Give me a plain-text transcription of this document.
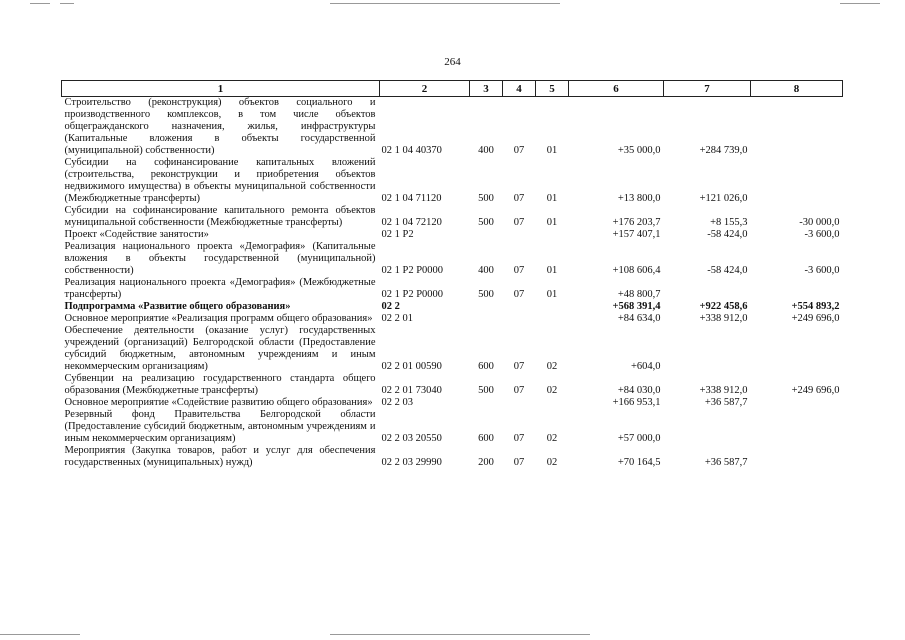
264
1	2	3	4	5	6	7	8
Строительство (реконструкция) объектов социального и производственного комплексов, в том числе объектов общегражданского назначения, жилья, инфраструктуры (Капитальные вложения в объекты государственной (муниципальной) собственности)	02 1 04 40370	400	07	01	+35 000,0	+284 739,0	
Субсидии на софинансирование капитальных вложений (строительства, реконструкции и приобретения объектов недвижимого имущества) в объекты муниципальной собственности (Межбюджетные трансферты)	02 1 04 71120	500	07	01	+13 800,0	+121 026,0	
Субсидии на софинансирование капитального ремонта объектов муниципальной собственности (Межбюджетные трансферты)	02 1 04 72120	500	07	01	+176 203,7	+8 155,3	-30 000,0
Проект «Содействие занятости»	02 1 P2				+157 407,1	-58 424,0	-3 600,0
Реализация национального проекта «Демография» (Капитальные вложения в объекты государственной (муниципальной) собственности)	02 1 P2 P0000	400	07	01	+108 606,4	-58 424,0	-3 600,0
Реализация национального проекта «Демография» (Межбюджетные трансферты)	02 1 P2 P0000	500	07	01	+48 800,7		
Подпрограмма «Развитие общего образования»	02 2				+568 391,4	+922 458,6	+554 893,2
Основное мероприятие «Реализация программ общего образования»	02 2 01				+84 634,0	+338 912,0	+249 696,0
Обеспечение деятельности (оказание услуг) государственных учреждений (организаций) Белгородской области (Предоставление субсидий бюджетным, автономным учреждениям и иным некоммерческим организациям)	02 2 01 00590	600	07	02	+604,0		
Субвенции на реализацию государственного стандарта общего образования (Межбюджетные трансферты)	02 2 01 73040	500	07	02	+84 030,0	+338 912,0	+249 696,0
Основное мероприятие «Содействие развитию общего образования»	02 2 03				+166 953,1	+36 587,7	
Резервный фонд Правительства Белгородской области (Предоставление субсидий бюджетным, автономным учреждениям и иным некоммерческим организациям)	02 2 03 20550	600	07	02	+57 000,0		
Мероприятия (Закупка товаров, работ и услуг для обеспечения государственных (муниципальных) нужд)	02 2 03 29990	200	07	02	+70 164,5	+36 587,7	
